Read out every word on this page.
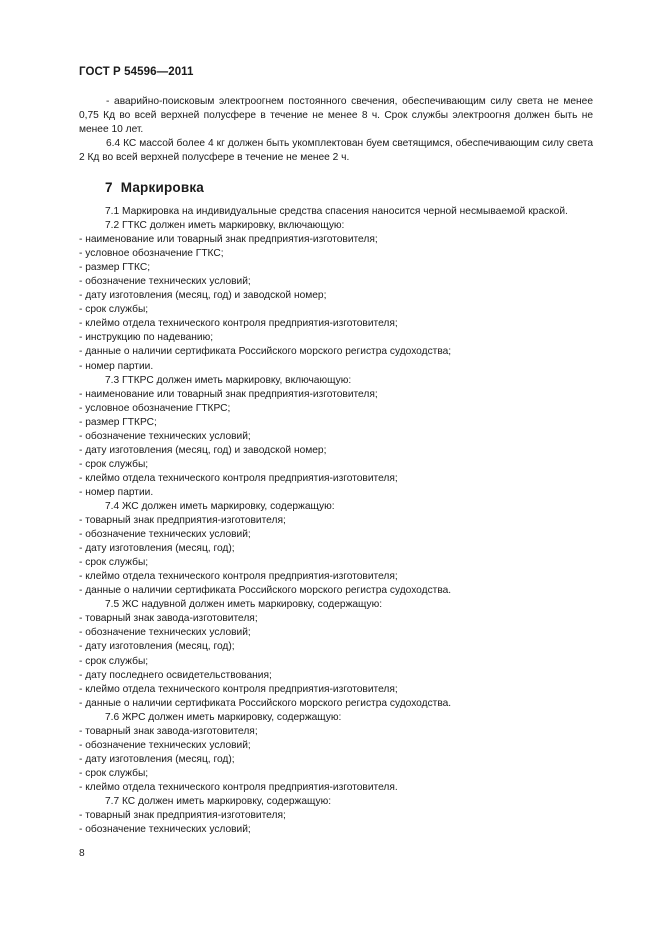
ГОСТ Р 54596—2011

- аварийно-поисковым электроогнем постоянного свечения, обеспечивающим силу света не менее 0,75 Кд во всей верхней полусфере в течение не менее 8 ч. Срок службы электроогня должен быть не менее 10 лет.

6.4 КС массой более 4 кг должен быть укомплектован буем светящимся, обеспечивающим силу света 2 Кд во всей верхней полусфере в течение не менее 2 ч.

7 Маркировка
7.1 Маркировка на индивидуальные средства спасения наносится черной несмываемой краской.
7.2 ГТКС должен иметь маркировку, включающую:
- наименование или товарный знак предприятия-изготовителя;
- условное обозначение ГТКС;
- размер ГТКС;
- обозначение технических условий;
- дату изготовления (месяц, год) и заводской номер;
- срок службы;
- клеймо отдела технического контроля предприятия-изготовителя;
- инструкцию по надеванию;
- данные о наличии сертификата Российского морского регистра судоходства;
- номер партии.
7.3 ГТКРС должен иметь маркировку, включающую:
- наименование или товарный знак предприятия-изготовителя;
- условное обозначение ГТКРС;
- размер ГТКРС;
- обозначение технических условий;
- дату изготовления (месяц, год) и заводской номер;
- срок службы;
- клеймо отдела технического контроля предприятия-изготовителя;
- номер партии.
7.4 ЖС должен иметь маркировку, содержащую:
- товарный знак предприятия-изготовителя;
- обозначение технических условий;
- дату изготовления (месяц, год);
- срок службы;
- клеймо отдела технического контроля предприятия-изготовителя;
- данные о наличии сертификата Российского морского регистра судоходства.
7.5 ЖС надувной должен иметь маркировку, содержащую:
- товарный знак завода-изготовителя;
- обозначение технических условий;
- дату изготовления (месяц, год);
- срок службы;
- дату последнего освидетельствования;
- клеймо отдела технического контроля предприятия-изготовителя;
- данные о наличии сертификата Российского морского регистра судоходства.
7.6 ЖРС должен иметь маркировку, содержащую:
- товарный знак завода-изготовителя;
- обозначение технических условий;
- дату изготовления (месяц, год);
- срок службы;
- клеймо отдела технического контроля предприятия-изготовителя.
7.7 КС должен иметь маркировку, содержащую:
- товарный знак предприятия-изготовителя;
- обозначение технических условий;
8
